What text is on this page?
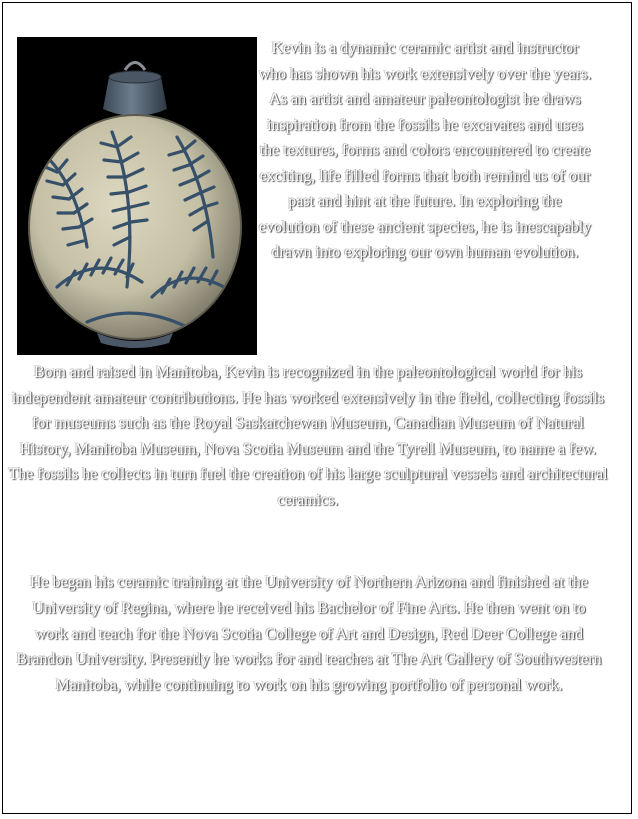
Kevin is a dynamic ceramic artist and instructor who has shown his work extensively over the years. As an artist and amateur paleontologist he draws inspiration from the fossils he excavates and uses the textures, forms and colors encountered to create exciting, life filled forms that both remind us of our past and hint at the future. In exploring the evolution of these ancient species, he is inescapably drawn into exploring our own human evolution.
Born and raised in Manitoba, Kevin is recognized in the paleontological world for his independent amateur contributions. He has worked extensively in the field, collecting fossils for museums such as the Royal Saskatchewan Museum, Canadian Museum of Natural History, Manitoba Museum, Nova Scotia Museum and the Tyrell Museum, to name a few. The fossils he collects in turn fuel the creation of his large sculptural vessels and architectural ceramics.
He began his ceramic training at the University of Northern Arizona and finished at the University of Regina, where he received his Bachelor of Fine Arts. He then went on to work and teach for the Nova Scotia College of Art and Design, Red Deer College and Brandon University. Presently he works for and teaches at The Art Gallery of Southwestern Manitoba, while continuing to work on his growing portfolio of personal work.
